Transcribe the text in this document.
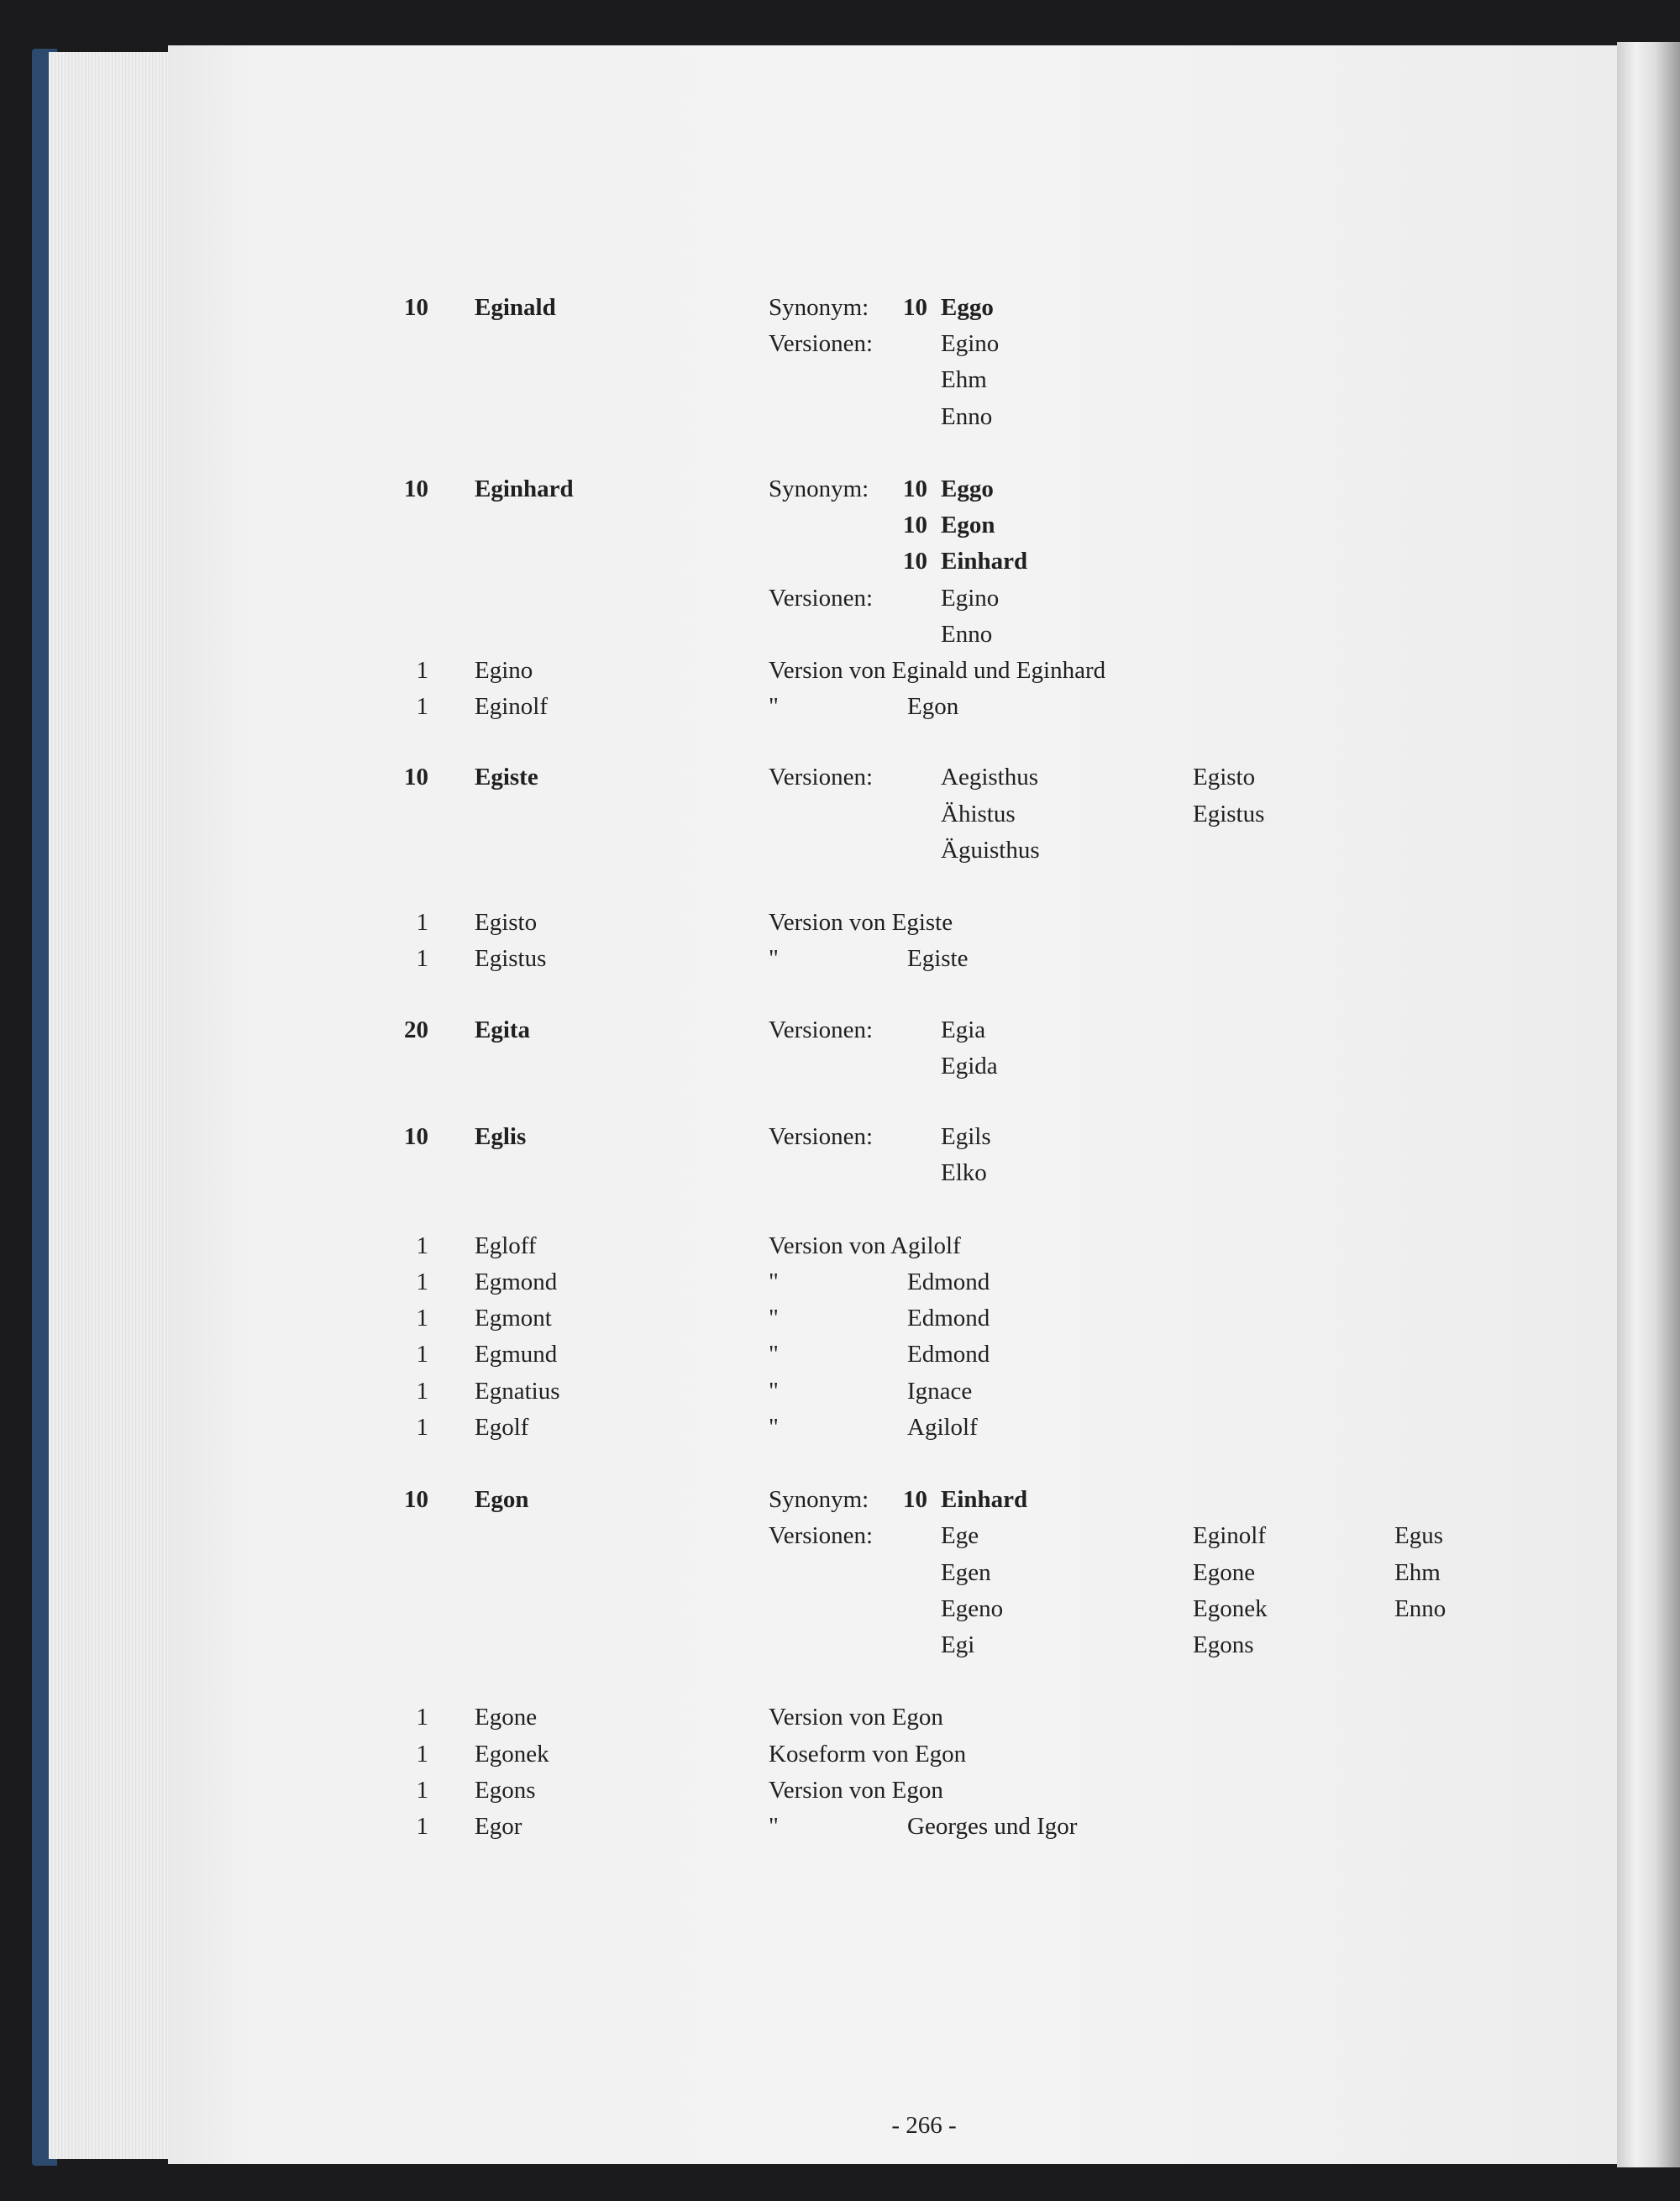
10 Eginald	Synonym: 10 Eggo
Versionen:	Egino
Ehm
Enno
10 Eginhard	Synonym: 10 Eggo
10 Egon
10 Einhard
Versionen:	Egino
Enno
1 Egino	Version von Eginald und Eginhard
1 Eginolf	"	Egon
10 Egiste	Versionen:	Aegisthus	Egisto
Ähistus	Egistus
Äguisthus
1 Egisto	Version von Egiste
1 Egistus	"	Egiste
20 Egita	Versionen:	Egia
Egida
10 Eglis	Versionen:	Egils
Elko
1 Egloff	Version von Agilolf
1 Egmond	"	Edmond
1 Egmont	"	Edmond
1 Egmund	"	Edmond
1 Egnatius	"	Ignace
1 Egolf	"	Agilolf
10 Egon	Synonym: 10 Einhard
Versionen:	Ege	Eginolf	Egus
Egen	Egone	Ehm
Egeno	Egonek	Enno
Egi	Egons
1 Egone	Version von Egon
1 Egonek	Koseform von Egon
1 Egons	Version von Egon
1 Egor	"	Georges und Igor
- 266 -
